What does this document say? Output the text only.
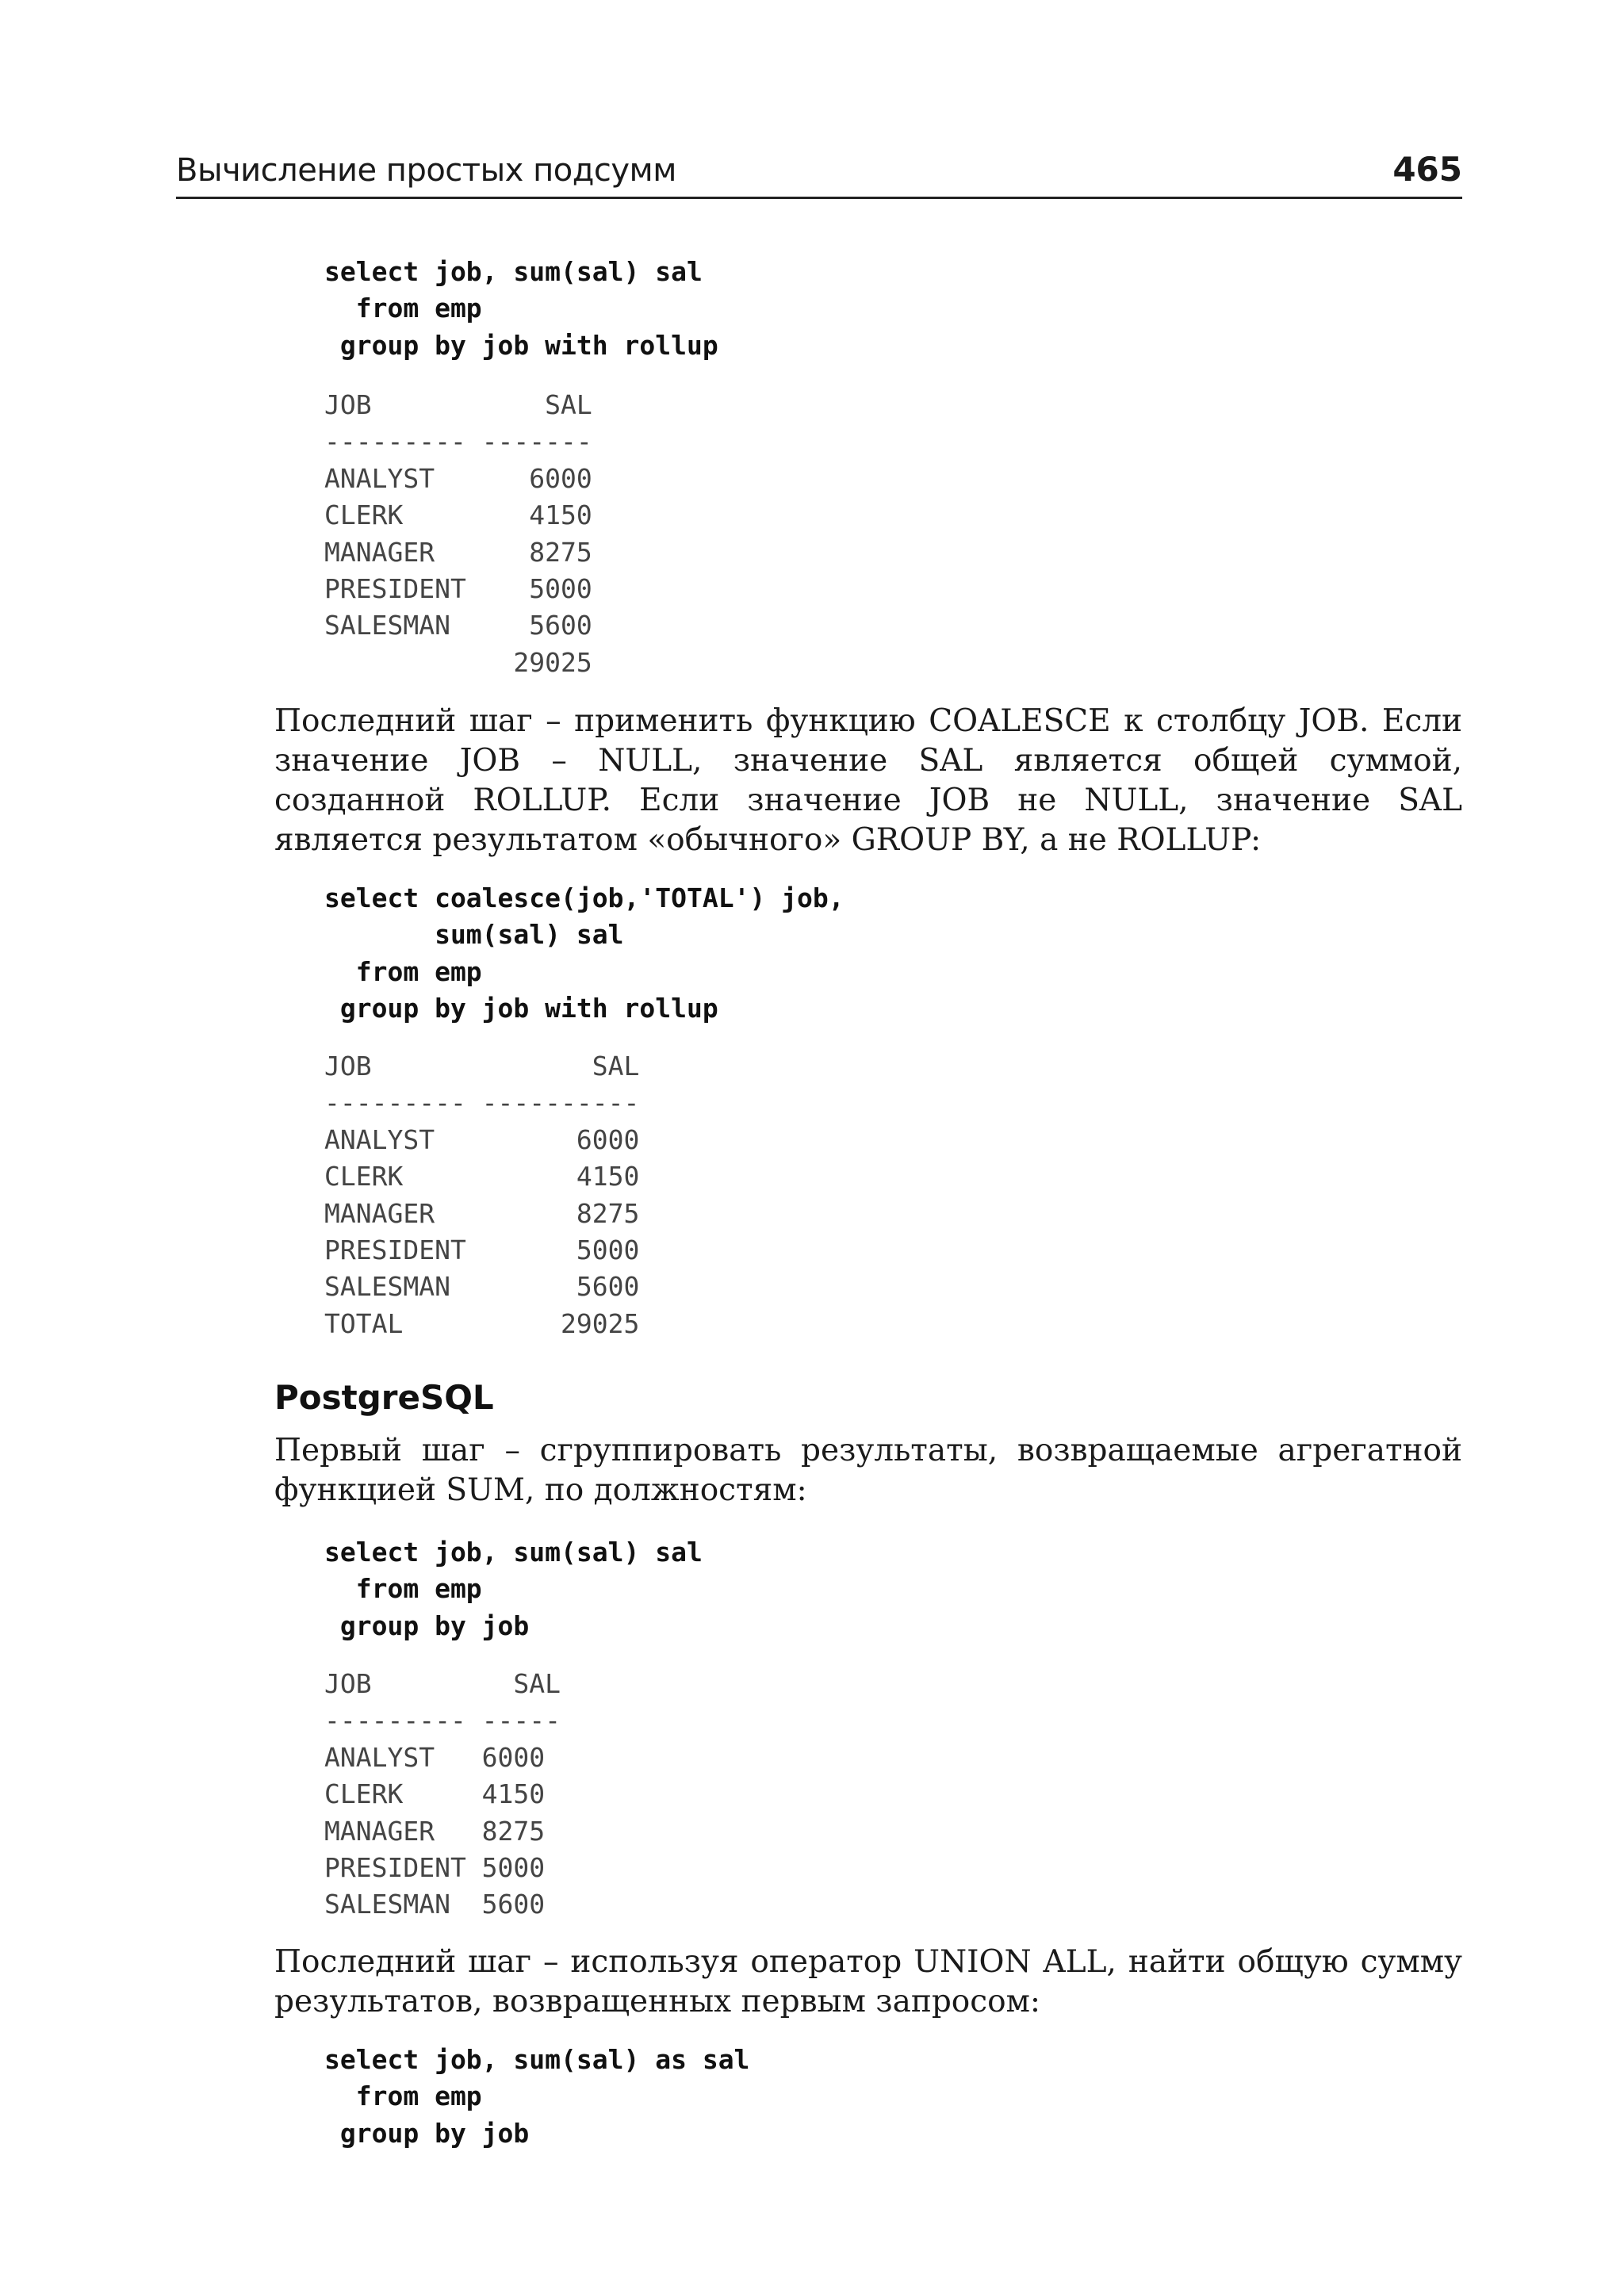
Вычисление простых подсумм	465
select job, sum(sal) sal
from emp
group by job with rollup
JOB           SAL
--------- -------
ANALYST      6000
CLERK        4150
MANAGER      8275
PRESIDENT    5000
SALESMAN     5600
29025

Последний шаг – применить функцию COALESCE к столбцу JOB. Если значение JOB – NULL, значение SAL является общей суммой, созданной ROLLUP. Если значение JOB не NULL, значение SAL является результатом «обычного» GROUP BY, а не ROLLUP:

select coalesce(job,'TOTAL') job,
sum(sal) sal
from emp
group by job with rollup
JOB              SAL
--------- ----------
ANALYST         6000
CLERK           4150
MANAGER         8275
PRESIDENT       5000
SALESMAN        5600
TOTAL          29025
PostgreSQL

Первый шаг – сгруппировать результаты, возвращаемые агрегатной функцией SUM, по должностям:

select job, sum(sal) sal
from emp
group by job
JOB         SAL
--------- -----
ANALYST   6000
CLERK     4150
MANAGER   8275
PRESIDENT 5000
SALESMAN  5600

Последний шаг – используя оператор UNION ALL, найти общую сумму результатов, возвращенных первым запросом:

select job, sum(sal) as sal
from emp
group by job
